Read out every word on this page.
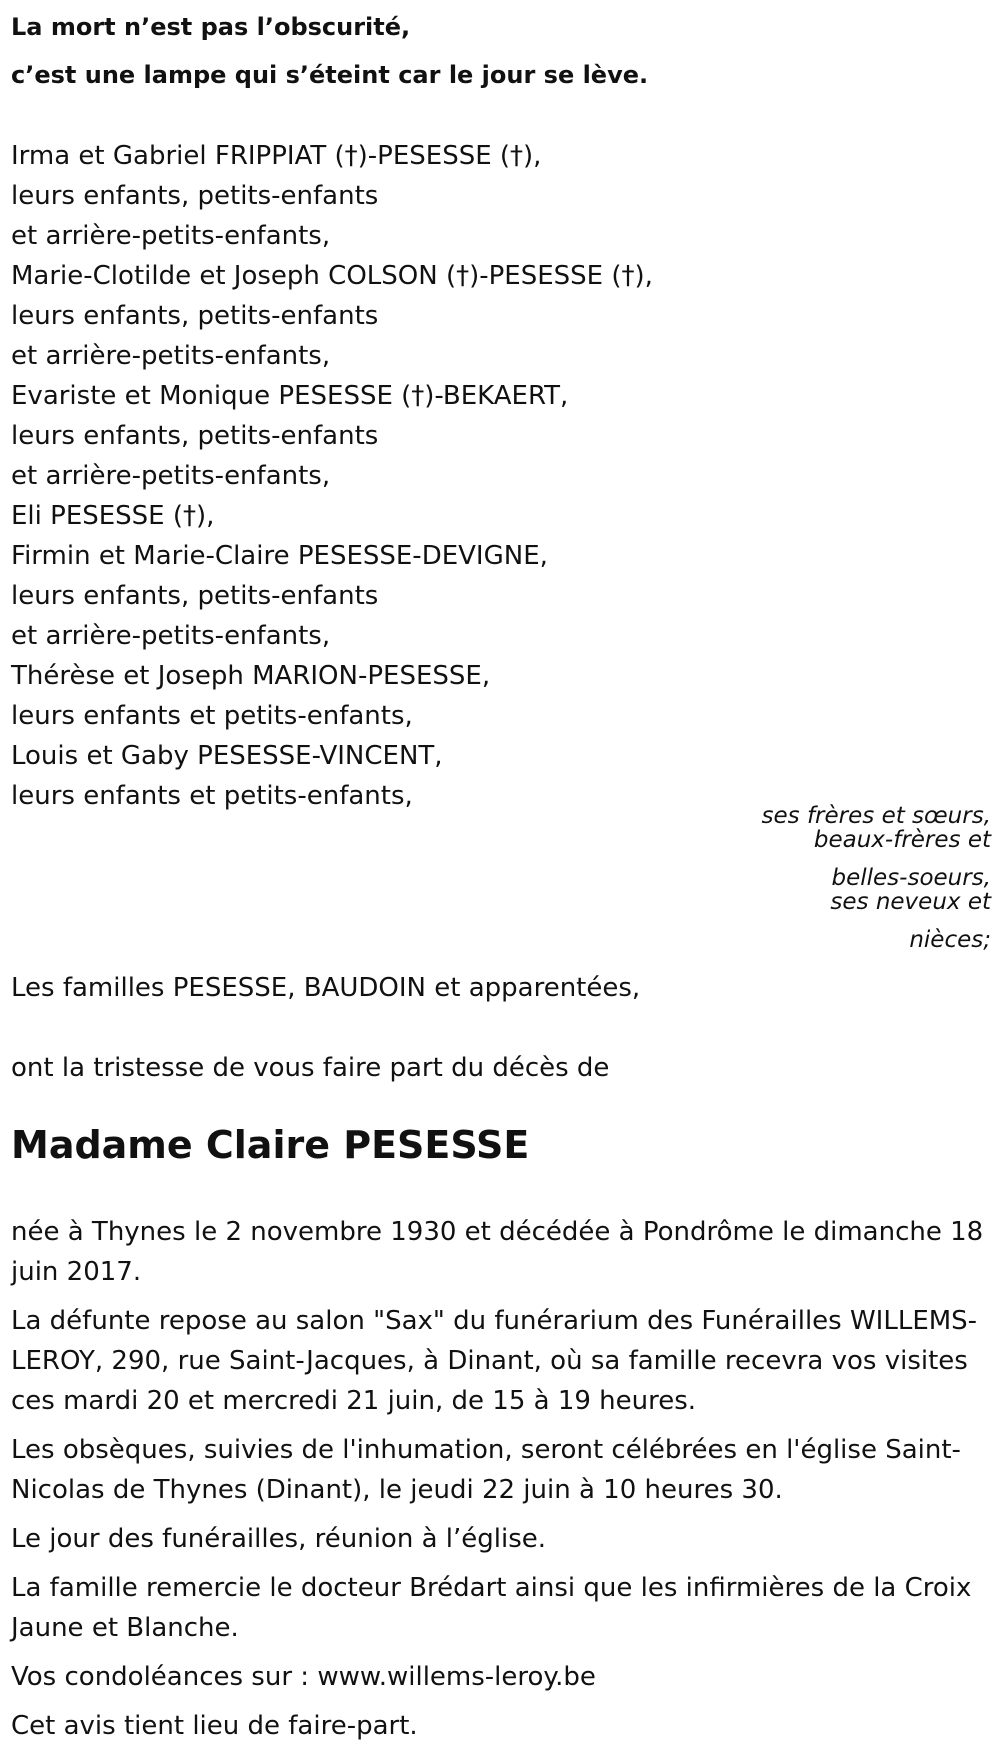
La mort n’est pas l’obscurité,
c’est une lampe qui s’éteint car le jour se lève.
Irma et Gabriel FRIPPIAT (†)-PESESSE (†),
leurs enfants, petits-enfants
et arrière-petits-enfants,
Marie-Clotilde et Joseph COLSON (†)-PESESSE (†),
leurs enfants, petits-enfants
et arrière-petits-enfants,
Evariste et Monique PESESSE (†)-BEKAERT,
leurs enfants, petits-enfants
et arrière-petits-enfants,
Eli PESESSE (†),
Firmin et Marie-Claire PESESSE-DEVIGNE,
leurs enfants, petits-enfants
et arrière-petits-enfants,
Thérèse et Joseph MARION-PESESSE,
leurs enfants et petits-enfants,
Louis et Gaby PESESSE-VINCENT,
leurs enfants et petits-enfants,
ses frères et sœurs,
beaux-frères et
belles-soeurs,
ses neveux et
nièces;
Les familles PESESSE, BAUDOIN et apparentées,
ont la tristesse de vous faire part du décès de
Madame Claire PESESSE

née à Thynes le 2 novembre 1930 et décédée à Pondrôme le dimanche 18 juin 2017.

La défunte repose au salon "Sax" du funérarium des Funérailles WILLEMS-LEROY, 290, rue Saint-Jacques, à Dinant, où sa famille recevra vos visites ces mardi 20 et mercredi 21 juin, de 15 à 19 heures.

Les obsèques, suivies de l'inhumation, seront célébrées en l'église Saint-Nicolas de Thynes (Dinant), le jeudi 22 juin à 10 heures 30.

Le jour des funérailles, réunion à l’église.

La famille remercie le docteur Brédart ainsi que les infirmières de la Croix Jaune et Blanche.

Vos condoléances sur : www.willems-leroy.be

Cet avis tient lieu de faire-part.
